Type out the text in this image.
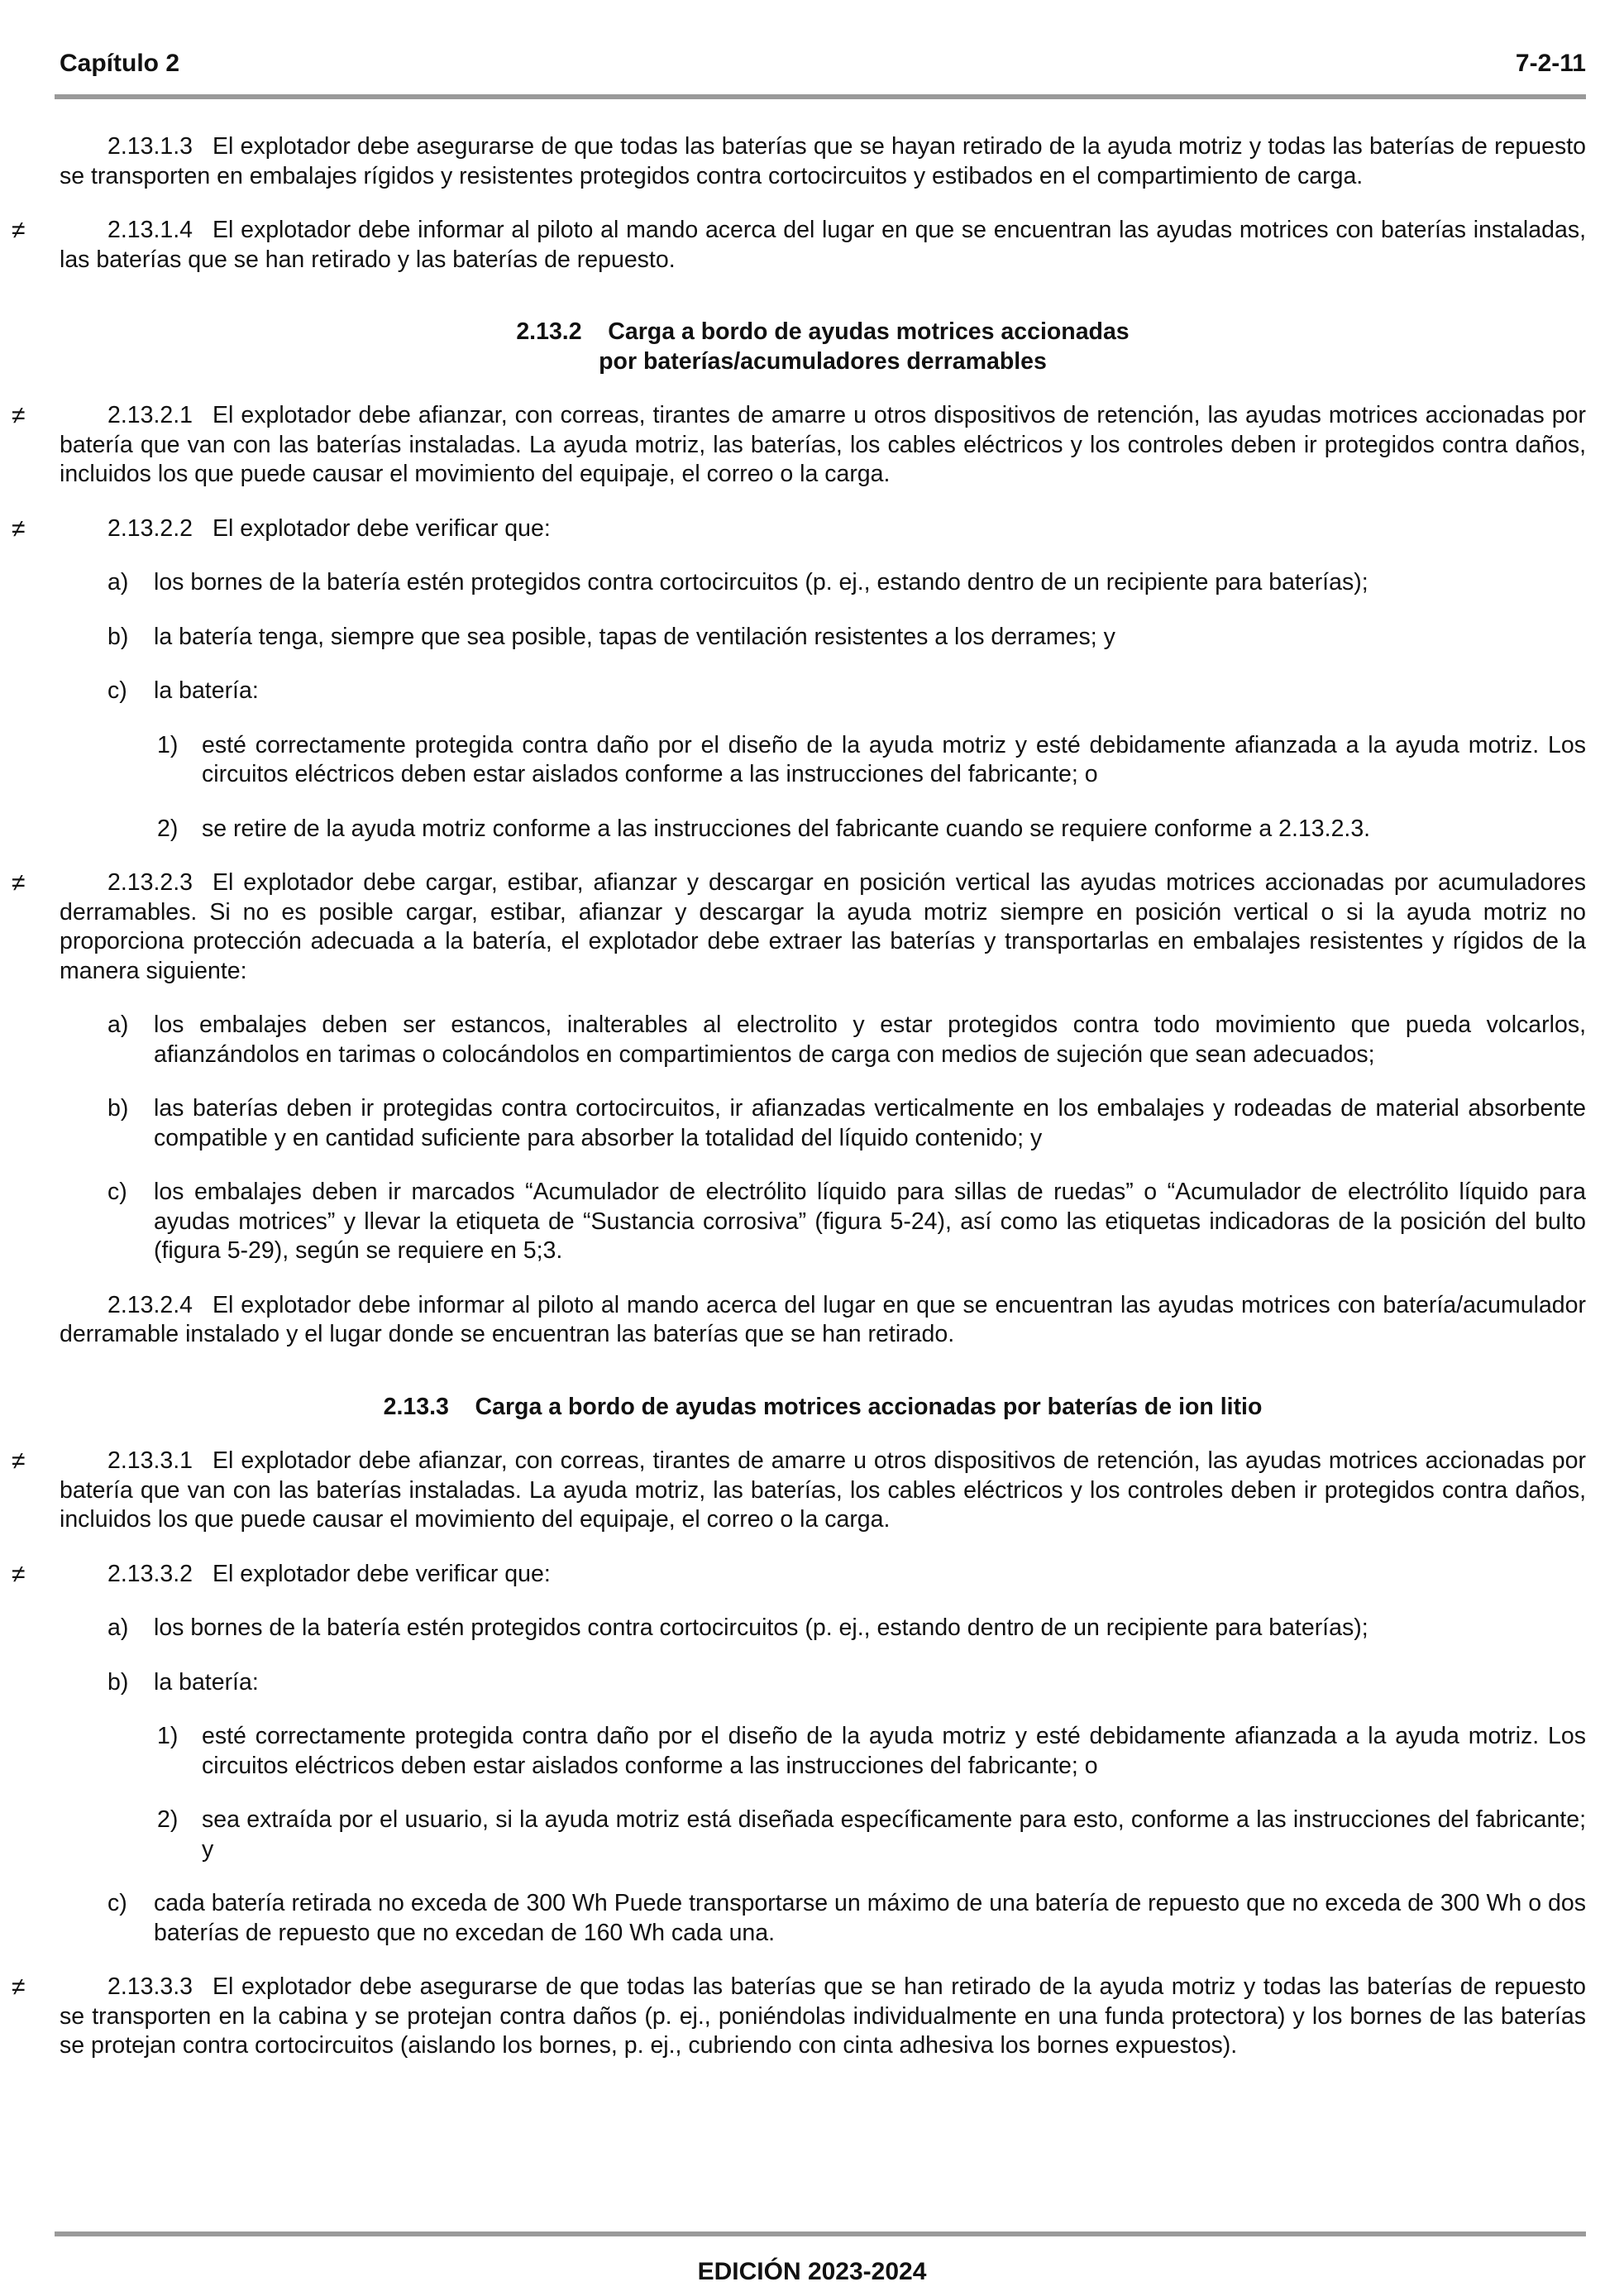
Capítulo 2	7-2-11

2.13.1.3 El explotador debe asegurarse de que todas las baterías que se hayan retirado de la ayuda motriz y todas las baterías de repuesto se transporten en embalajes rígidos y resistentes protegidos contra cortocircuitos y estibados en el compartimiento de carga.

≠	2.13.1.4 El explotador debe informar al piloto al mando acerca del lugar en que se encuentran las ayudas motrices con baterías instaladas, las baterías que se han retirado y las baterías de repuesto.

2.13.2 Carga a bordo de ayudas motrices accionadas
por baterías/acumuladores derramables

≠	2.13.2.1 El explotador debe afianzar, con correas, tirantes de amarre u otros dispositivos de retención, las ayudas motrices accionadas por batería que van con las baterías instaladas. La ayuda motriz, las baterías, los cables eléctricos y los controles deben ir protegidos contra daños, incluidos los que puede causar el movimiento del equipaje, el correo o la carga.

≠	2.13.2.2 El explotador debe verificar que:

a) los bornes de la batería estén protegidos contra cortocircuitos (p. ej., estando dentro de un recipiente para baterías);
b) la batería tenga, siempre que sea posible, tapas de ventilación resistentes a los derrames; y
c) la batería:
1) esté correctamente protegida contra daño por el diseño de la ayuda motriz y esté debidamente afianzada a la ayuda motriz. Los circuitos eléctricos deben estar aislados conforme a las instrucciones del fabricante; o
2) se retire de la ayuda motriz conforme a las instrucciones del fabricante cuando se requiere conforme a 2.13.2.3.

≠	2.13.2.3 El explotador debe cargar, estibar, afianzar y descargar en posición vertical las ayudas motrices accionadas por acumuladores derramables. Si no es posible cargar, estibar, afianzar y descargar la ayuda motriz siempre en posición vertical o si la ayuda motriz no proporciona protección adecuada a la batería, el explotador debe extraer las baterías y transportarlas en embalajes resistentes y rígidos de la manera siguiente:

a) los embalajes deben ser estancos, inalterables al electrolito y estar protegidos contra todo movimiento que pueda volcarlos, afianzándolos en tarimas o colocándolos en compartimientos de carga con medios de sujeción que sean adecuados;
b) las baterías deben ir protegidas contra cortocircuitos, ir afianzadas verticalmente en los embalajes y rodeadas de material absorbente compatible y en cantidad suficiente para absorber la totalidad del líquido contenido; y
c) los embalajes deben ir marcados “Acumulador de electrólito líquido para sillas de ruedas” o “Acumulador de electrólito líquido para ayudas motrices” y llevar la etiqueta de “Sustancia corrosiva” (figura 5-24), así como las etiquetas indicadoras de la posición del bulto (figura 5-29), según se requiere en 5;3.

2.13.2.4 El explotador debe informar al piloto al mando acerca del lugar en que se encuentran las ayudas motrices con batería/acumulador derramable instalado y el lugar donde se encuentran las baterías que se han retirado.

2.13.3 Carga a bordo de ayudas motrices accionadas por baterías de ion litio

≠	2.13.3.1 El explotador debe afianzar, con correas, tirantes de amarre u otros dispositivos de retención, las ayudas motrices accionadas por batería que van con las baterías instaladas. La ayuda motriz, las baterías, los cables eléctricos y los controles deben ir protegidos contra daños, incluidos los que puede causar el movimiento del equipaje, el correo o la carga.

≠	2.13.3.2 El explotador debe verificar que:

a) los bornes de la batería estén protegidos contra cortocircuitos (p. ej., estando dentro de un recipiente para baterías);
b) la batería:
1) esté correctamente protegida contra daño por el diseño de la ayuda motriz y esté debidamente afianzada a la ayuda motriz. Los circuitos eléctricos deben estar aislados conforme a las instrucciones del fabricante; o
2) sea extraída por el usuario, si la ayuda motriz está diseñada específicamente para esto, conforme a las instrucciones del fabricante; y
c) cada batería retirada no exceda de 300 Wh Puede transportarse un máximo de una batería de repuesto que no exceda de 300 Wh o dos baterías de repuesto que no excedan de 160 Wh cada una.

≠	2.13.3.3 El explotador debe asegurarse de que todas las baterías que se han retirado de la ayuda motriz y todas las baterías de repuesto se transporten en la cabina y se protejan contra daños (p. ej., poniéndolas individualmente en una funda protectora) y los bornes de las baterías se protejan contra cortocircuitos (aislando los bornes, p. ej., cubriendo con cinta adhesiva los bornes expuestos).

EDICIÓN 2023-2024
